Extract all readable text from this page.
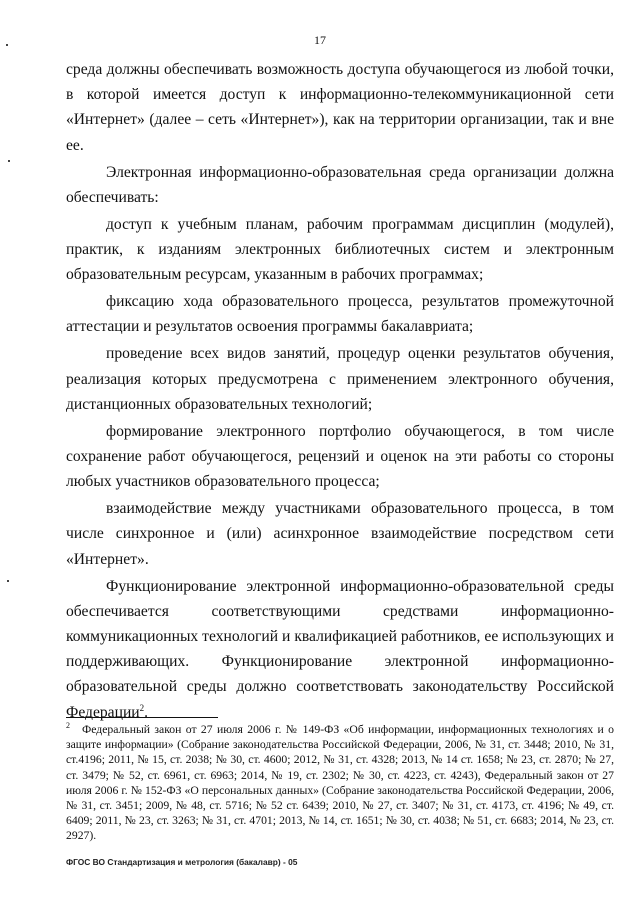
17

среда должны обеспечивать возможность доступа обучающегося из любой точки, в которой имеется доступ к информационно-телекоммуникационной сети «Интернет» (далее – сеть «Интернет»), как на территории организации, так и вне ее.

Электронная информационно-образовательная среда организации должна обеспечивать:

доступ к учебным планам, рабочим программам дисциплин (модулей), практик, к изданиям электронных библиотечных систем и электронным образовательным ресурсам, указанным в рабочих программах;

фиксацию хода образовательного процесса, результатов промежуточной аттестации и результатов освоения программы бакалавриата;

проведение всех видов занятий, процедур оценки результатов обучения, реализация которых предусмотрена с применением электронного обучения, дистанционных образовательных технологий;

формирование электронного портфолио обучающегося, в том числе сохранение работ обучающегося, рецензий и оценок на эти работы со стороны любых участников образовательного процесса;

взаимодействие между участниками образовательного процесса, в том числе синхронное и (или) асинхронное взаимодействие посредством сети «Интернет».

Функционирование электронной информационно-образовательной среды обеспечивается соответствующими средствами информационно-коммуникационных технологий и квалификацией работников, ее использующих и поддерживающих. Функционирование электронной информационно-образовательной среды должно соответствовать законодательству Российской Федерации$^2$.

$^2$ Федеральный закон от 27 июля 2006 г. № 149-ФЗ «Об информации, информационных технологиях и о защите информации» (Собрание законодательства Российской Федерации, 2006, № 31, ст. 3448; 2010, № 31, ст.4196; 2011, № 15, ст. 2038; № 30, ст. 4600; 2012, № 31, ст. 4328; 2013, № 14 ст. 1658; № 23, ст. 2870; № 27, ст. 3479; № 52, ст. 6961, ст. 6963; 2014, № 19, ст. 2302; № 30, ст. 4223, ст. 4243), Федеральный закон от 27 июля 2006 г. № 152-ФЗ «О персональных данных» (Собрание законодательства Российской Федерации, 2006, № 31, ст. 3451; 2009, № 48, ст. 5716; № 52 ст. 6439; 2010, № 27, ст. 3407; № 31, ст. 4173, ст. 4196; № 49, ст. 6409; 2011, № 23, ст. 3263; № 31, ст. 4701; 2013, № 14, ст. 1651; № 30, ст. 4038; № 51, ст. 6683; 2014, № 23, ст. 2927).
ФГОС ВО Стандартизация и метрология (бакалавр) - 05
